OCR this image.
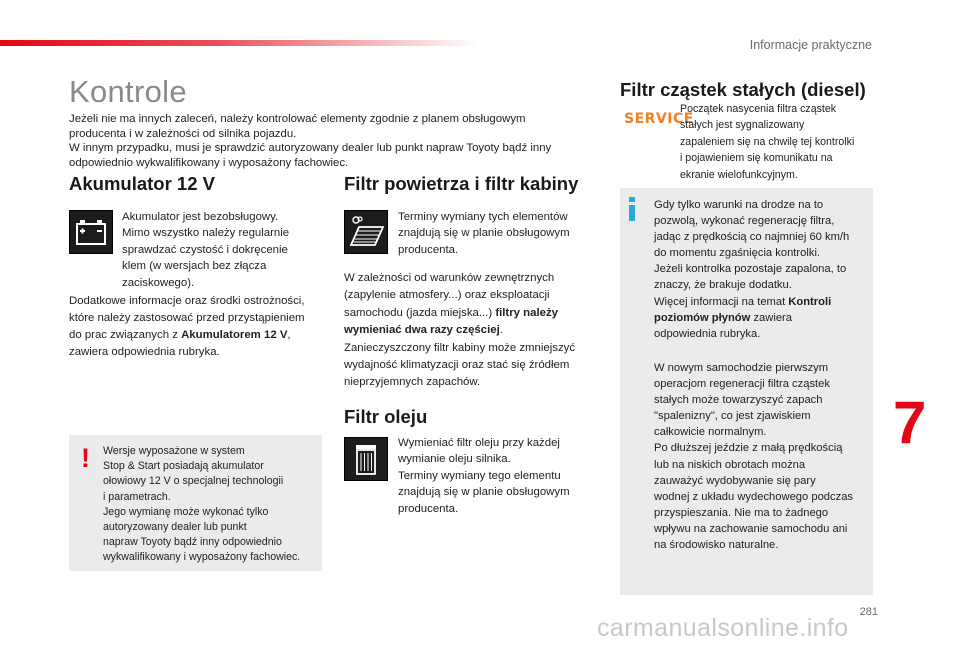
Informacje praktyczne
Kontrole

Jeżeli nie ma innych zaleceń, należy kontrolować elementy zgodnie z planem obsługowym

producenta i w zależności od silnika pojazdu.

W innym przypadku, musi je sprawdzić autoryzowany dealer lub punkt napraw Toyoty bądź inny

odpowiednio wykwalifikowany i wyposażony fachowiec.

Akumulator 12 V

Akumulator jest bezobsługowy.

Mimo wszystko należy regularnie

sprawdzać czystość i dokręcenie

klem (w wersjach bez złącza

zaciskowego).

Dodatkowe informacje oraz środki ostrożności,

które należy zastosować przed przystąpieniem

do prac związanych z Akumulatorem 12 V,

zawiera odpowiednia rubryka.

! Wersje wyposażone w system

Stop & Start posiadają akumulator

ołowiowy 12 V o specjalnej technologii

i parametrach.

Jego wymianę może wykonać tylko

autoryzowany dealer lub punkt

napraw Toyoty bądź inny odpowiednio

wykwalifikowany i wyposażony fachowiec.

Filtr powietrza i filtr kabiny

Terminy wymiany tych elementów

znajdują się w planie obsługowym

producenta.

W zależności od warunków zewnętrznych

(zapylenie atmosfery...) oraz eksploatacji

samochodu (jazda miejska...) filtry należy

wymieniać dwa razy częściej.

Zanieczyszczony filtr kabiny może zmniejszyć

wydajność klimatyzacji oraz stać się źródłem

nieprzyjemnych zapachów.

Filtr oleju

Wymieniać filtr oleju przy każdej

wymianie oleju silnika.

Terminy wymiany tego elementu

znajdują się w planie obsługowym

producenta.

Filtr cząstek stałych (diesel)
SERVICE

Początek nasycenia filtra cząstek

stałych jest sygnalizowany

zapaleniem się na chwilę tej kontrolki

i pojawieniem się komunikatu na

ekranie wielofunkcyjnym.

Gdy tylko warunki na drodze na to

pozwolą, wykonać regenerację filtra,

jadąc z prędkością co najmniej 60 km/h

do momentu zgaśnięcia kontrolki.

Jeżeli kontrolka pozostaje zapalona, to

znaczy, że brakuje dodatku.

Więcej informacji na temat Kontroli

poziomów płynów zawiera

odpowiednia rubryka.

W nowym samochodzie pierwszym

operacjom regeneracji filtra cząstek

stałych może towarzyszyć zapach

"spalenizny", co jest zjawiskiem

całkowicie normalnym.

Po dłuższej jeździe z małą prędkością

lub na niskich obrotach można

zauważyć wydobywanie się pary

wodnej z układu wydechowego podczas

przyspieszania. Nie ma to żadnego

wpływu na zachowanie samochodu ani

na środowisko naturalne.

7
281
carmanualsonline.info
